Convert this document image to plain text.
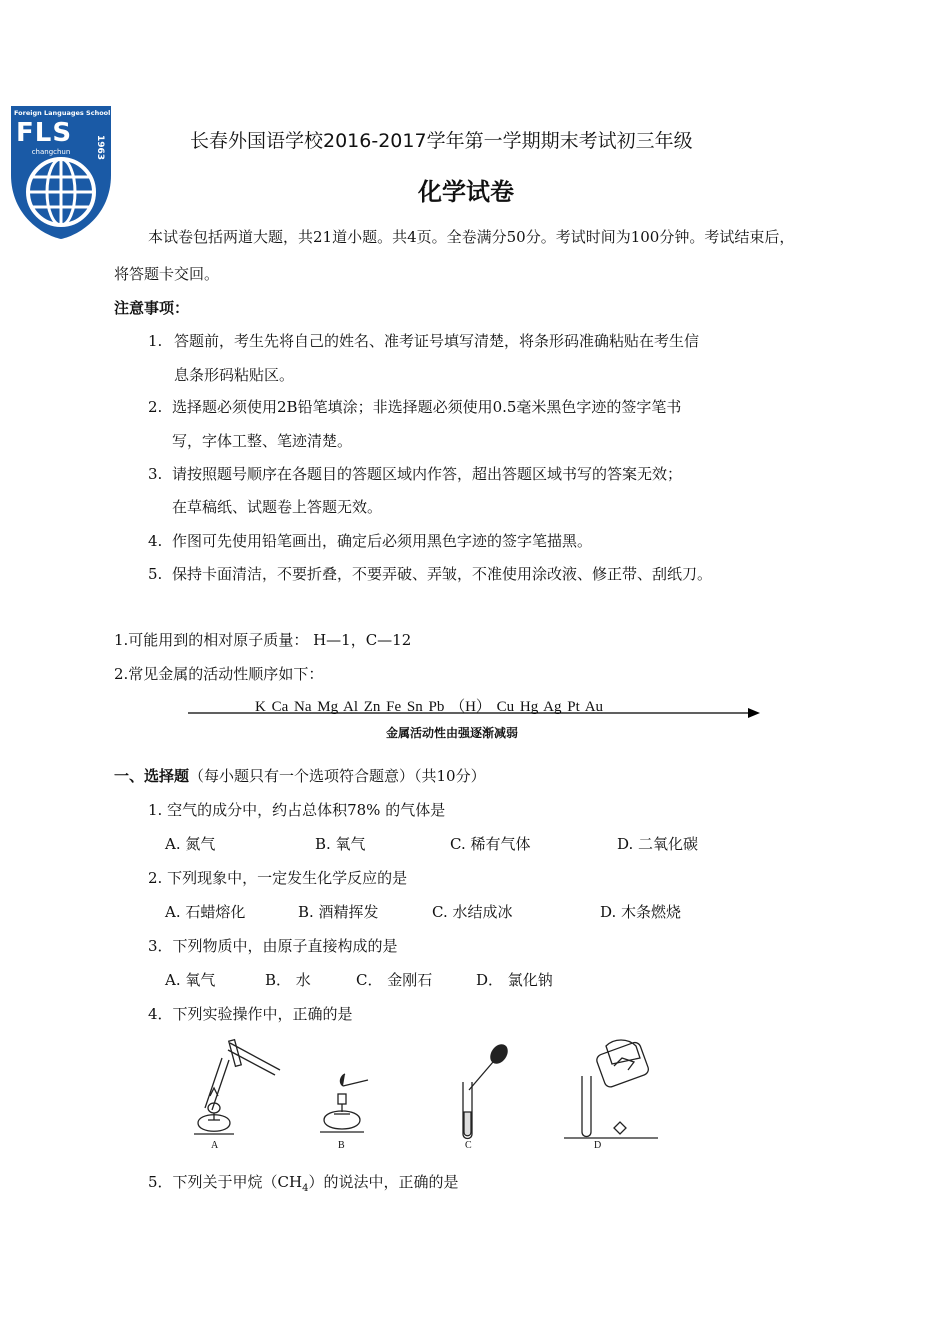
Foreign Languages School
FLS
changchun	1963	长春外国语学校2016-2017学年第一学期期末考试初三年级
化学试卷
本试卷包括两道大题，共21道小题。共4页。全卷满分50分。考试时间为100分钟。考试结束后，
将答题卡交回。
注意事项：
1. 答题前，考生先将自己的姓名、准考证号填写清楚，将条形码准确粘贴在考生信
息条形码粘贴区。
2. 选择题必须使用2B铅笔填涂；非选择题必须使用0.5毫米黑色字迹的签字笔书
写，字体工整、笔迹清楚。
3. 请按照题号顺序在各题目的答题区域内作答，超出答题区域书写的答案无效；
在草稿纸、试题卷上答题无效。
4. 作图可先使用铅笔画出，确定后必须用黑色字迹的签字笔描黑。
5. 保持卡面清洁，不要折叠，不要弄破、弄皱，不准使用涂改液、修正带、刮纸刀。
1.可能用到的相对原子质量： H—1，C—12
2.常见金属的活动性顺序如下：
K Ca Na Mg Al Zn Fe Sn Pb （H） Cu Hg Ag Pt Au
金属活动性由强逐渐减弱
一、选择题（每小题只有一个选项符合题意）（共10分）
1. 空气的成分中，约占总体积78% 的气体是
A. 氮气	B. 氧气	C. 稀有气体	D. 二氧化碳
2. 下列现象中，一定发生化学反应的是
A. 石蜡熔化	B. 酒精挥发	C. 水结成冰	D. 木条燃烧
3．下列物质中，由原子直接构成的是
A. 氧气	B． 水	C． 金刚石	D． 氯化钠
4．下列实验操作中，正确的是
A	B	C	D
5．下列关于甲烷$(CH_4)$的说法中，正确的是
